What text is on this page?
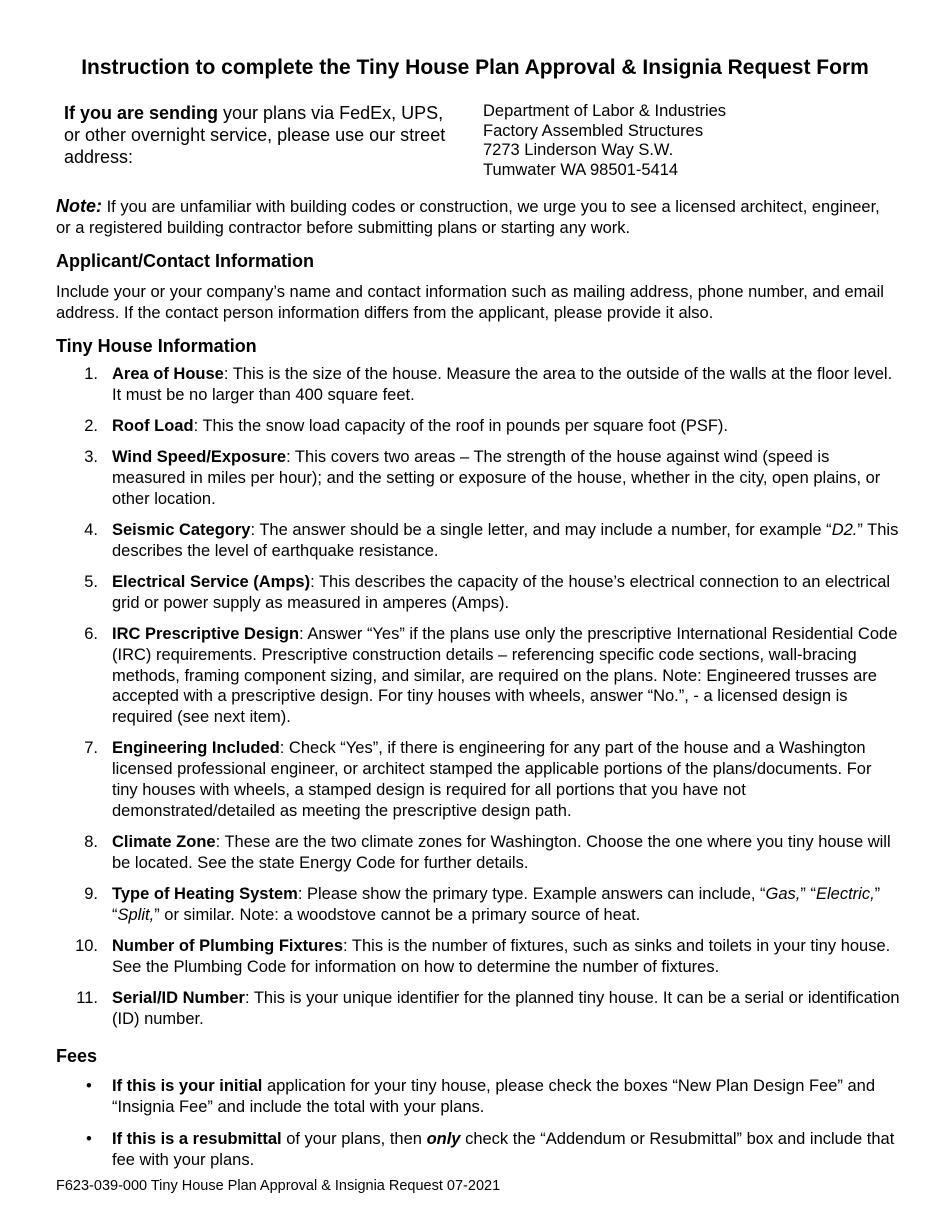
Instruction to complete the Tiny House Plan Approval & Insignia Request Form
If you are sending your plans via FedEx, UPS, or other overnight service, please use our street address:
Department of Labor & Industries
Factory Assembled Structures
7273 Linderson Way S.W.
Tumwater WA 98501-5414
Note: If you are unfamiliar with building codes or construction, we urge you to see a licensed architect, engineer, or a registered building contractor before submitting plans or starting any work.
Applicant/Contact Information
Include your or your company’s name and contact information such as mailing address, phone number, and email address. If the contact person information differs from the applicant, please provide it also.
Tiny House Information
1. Area of House: This is the size of the house. Measure the area to the outside of the walls at the floor level. It must be no larger than 400 square feet.
2. Roof Load: This the snow load capacity of the roof in pounds per square foot (PSF).
3. Wind Speed/Exposure: This covers two areas – The strength of the house against wind (speed is measured in miles per hour); and the setting or exposure of the house, whether in the city, open plains, or other location.
4. Seismic Category: The answer should be a single letter, and may include a number, for example “D2.” This describes the level of earthquake resistance.
5. Electrical Service (Amps): This describes the capacity of the house’s electrical connection to an electrical grid or power supply as measured in amperes (Amps).
6. IRC Prescriptive Design: Answer “Yes” if the plans use only the prescriptive International Residential Code (IRC) requirements. Prescriptive construction details – referencing specific code sections, wall-bracing methods, framing component sizing, and similar, are required on the plans. Note: Engineered trusses are accepted with a prescriptive design. For tiny houses with wheels, answer “No.”, - a licensed design is required (see next item).
7. Engineering Included: Check “Yes”, if there is engineering for any part of the house and a Washington licensed professional engineer, or architect stamped the applicable portions of the plans/documents. For tiny houses with wheels, a stamped design is required for all portions that you have not demonstrated/detailed as meeting the prescriptive design path.
8. Climate Zone: These are the two climate zones for Washington. Choose the one where you tiny house will be located. See the state Energy Code for further details.
9. Type of Heating System: Please show the primary type. Example answers can include, “Gas,” “Electric,” “Split,” or similar. Note: a woodstove cannot be a primary source of heat.
10. Number of Plumbing Fixtures: This is the number of fixtures, such as sinks and toilets in your tiny house. See the Plumbing Code for information on how to determine the number of fixtures.
11. Serial/ID Number: This is your unique identifier for the planned tiny house. It can be a serial or identification (ID) number.
Fees
• If this is your initial application for your tiny house, please check the boxes “New Plan Design Fee” and “Insignia Fee” and include the total with your plans.
• If this is a resubmittal of your plans, then only check the “Addendum or Resubmittal” box and include that fee with your plans.
F623-039-000 Tiny House Plan Approval & Insignia Request 07-2021
